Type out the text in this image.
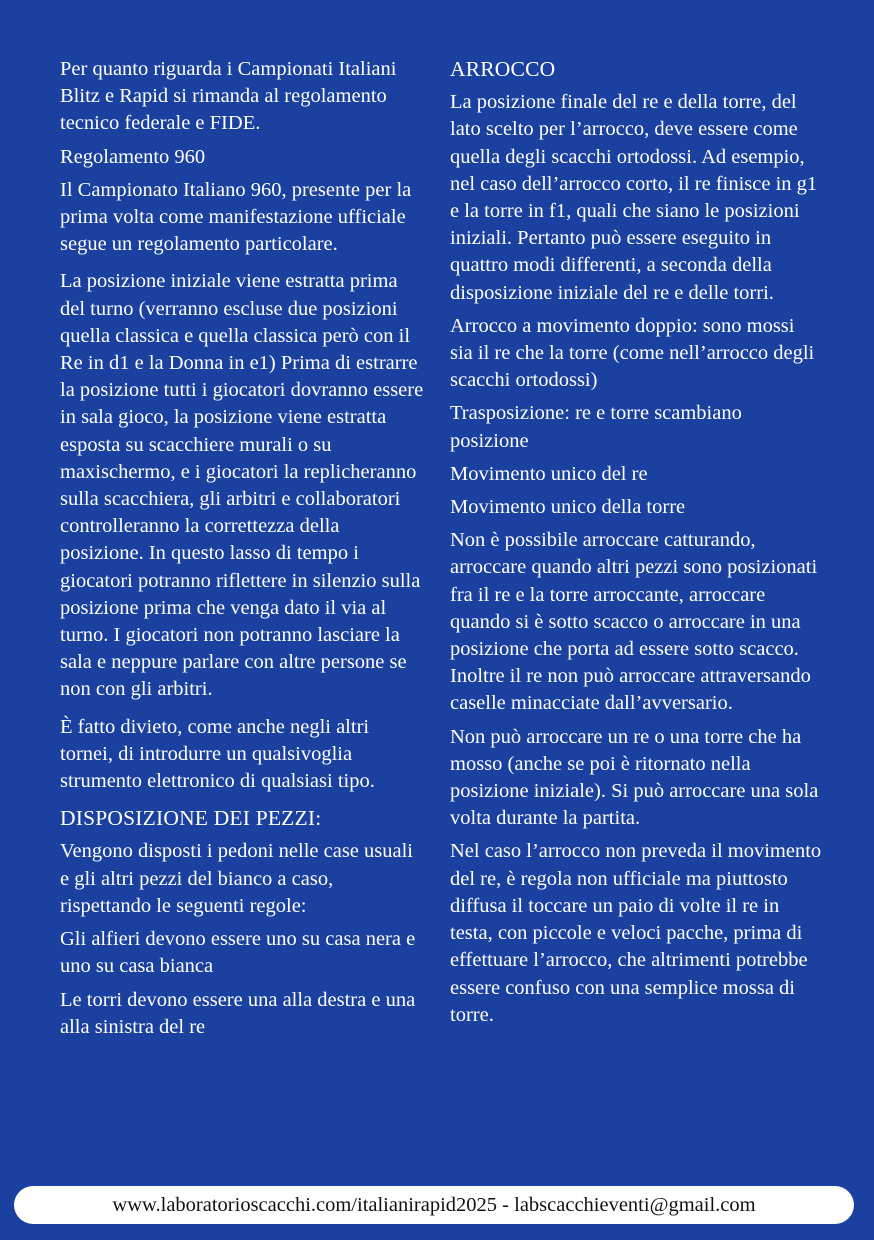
Per quanto riguarda i Campionati Italiani Blitz e Rapid si rimanda al regolamento tecnico federale e FIDE.

Regolamento 960

Il Campionato Italiano 960, presente per la prima volta come manifestazione ufficiale segue un regolamento particolare.

La posizione iniziale viene estratta prima del turno (verranno escluse due posizioni quella classica e quella classica però con il Re in d1 e la Donna in e1) Prima di estrarre la posizione tutti i giocatori dovranno essere in sala gioco, la posizione viene estratta esposta su scacchiere murali o su maxischermo, e i giocatori la replicheranno sulla scacchiera, gli arbitri e collaboratori controlleranno la correttezza della posizione. In questo lasso di tempo i giocatori potranno riflettere in silenzio sulla posizione prima che venga dato il via al turno. I giocatori non potranno lasciare la sala e neppure parlare con altre persone se non con gli arbitri.

È fatto divieto, come anche negli altri tornei, di introdurre un qualsivoglia strumento elettronico di qualsiasi tipo.

DISPOSIZIONE DEI PEZZI:

Vengono disposti i pedoni nelle case usuali e gli altri pezzi del bianco a caso, rispettando le seguenti regole:

Gli alfieri devono essere uno su casa nera e uno su casa bianca

Le torri devono essere una alla destra e una alla sinistra del re

ARROCCO

La posizione finale del re e della torre, del lato scelto per l’arrocco, deve essere come quella degli scacchi ortodossi. Ad esempio, nel caso dell’arrocco corto, il re finisce in g1 e la torre in f1, quali che siano le posizioni iniziali. Pertanto può essere eseguito in quattro modi differenti, a seconda della disposizione iniziale del re e delle torri.

Arrocco a movimento doppio: sono mossi sia il re che la torre (come nell’arrocco degli scacchi ortodossi)

Trasposizione: re e torre scambiano posizione

Movimento unico del re

Movimento unico della torre

Non è possibile arroccare catturando, arroccare quando altri pezzi sono posizionati fra il re e la torre arroccante, arroccare quando si è sotto scacco o arroccare in una posizione che porta ad essere sotto scacco. Inoltre il re non può arroccare attraversando caselle minacciate dall’avversario.

Non può arroccare un re o una torre che ha mosso (anche se poi è ritornato nella posizione iniziale). Si può arroccare una sola volta durante la partita.

Nel caso l’arrocco non preveda il movimento del re, è regola non ufficiale ma piuttosto diffusa il toccare un paio di volte il re in testa, con piccole e veloci pacche, prima di effettuare l’arrocco, che altrimenti potrebbe essere confuso con una semplice mossa di torre.

www.laboratorioscacchi.com/italianirapid2025 - labscacchieventi@gmail.com
